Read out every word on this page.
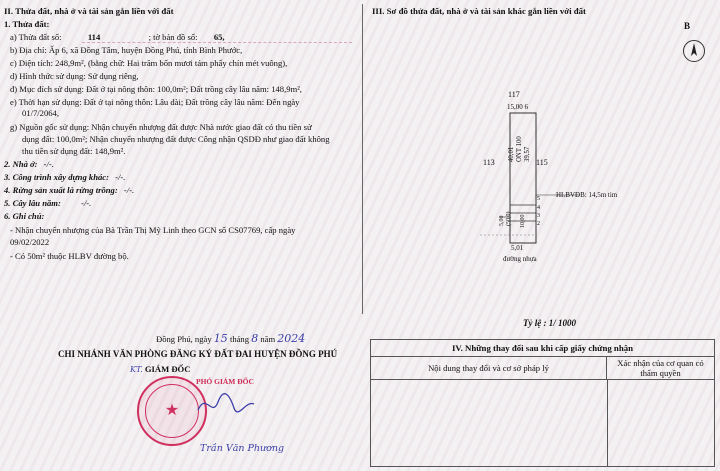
II. Thửa đất, nhà ở và tài sản gắn liền với đất
1. Thửa đất:
a) Thửa đất số:	114	; tờ bản đồ số: 65,
b) Địa chỉ: Ấp 6, xã Đồng Tâm, huyện Đồng Phú, tỉnh Bình Phước,
c) Diện tích: 248,9m², (bằng chữ: Hai trăm bốn mươi tám phẩy chín mét vuông),
d) Hình thức sử dụng: Sử dụng riêng,
đ) Mục đích sử dụng: Đất ở tại nông thôn: 100,0m²; Đất trồng cây lâu năm: 148,9m²,
e) Thời hạn sử dụng: Đất ở tại nông thôn: Lâu dài; Đất trồng cây lâu năm: Đến ngày
01/7/2064,
g) Nguồn gốc sử dụng: Nhận chuyển nhượng đất được Nhà nước giao đất có thu tiền sử
dụng đất: 100,0m²; Nhận chuyển nhượng đất được Công nhận QSDĐ như giao đất không
thu tiền sử dụng đất: 148,9m².
2. Nhà ở: -/-.
3. Công trình xây dựng khác: -/-.
4. Rừng sản xuất là rừng trồng: -/-.
5. Cây lâu năm: -/-.
6. Ghi chú:
- Nhận chuyển nhượng của Bà Trần Thị Mỹ Linh theo GCN số CS07769, cấp ngày
09/02/2022
- Có 50m² thuộc HLBV đường bộ.
III. Sơ đồ thửa đất, nhà ở và tài sản khác gắn liền với đất
B
117
15,00 6
113	115
40,01 ONT 100 39,57
HLBVĐB: 14,5m tim
5
4
3
2
5,00 (50,0) 10,00
5,01
đường nhựa
Tỷ lệ : 1/ 1000
Đồng Phú, ngày 15 tháng 8 năm 2024
CHI NHÁNH VĂN PHÒNG ĐĂNG KÝ ĐẤT ĐAI HUYỆN ĐỒNG PHÚ
KT. GIÁM ĐỐC
PHÓ GIÁM ĐỐC
★
Trần Văn Phương
IV. Những thay đổi sau khi cấp giấy chứng nhận
Nội dung thay đổi và cơ sở pháp lý	Xác nhận của cơ quan có thẩm quyền
